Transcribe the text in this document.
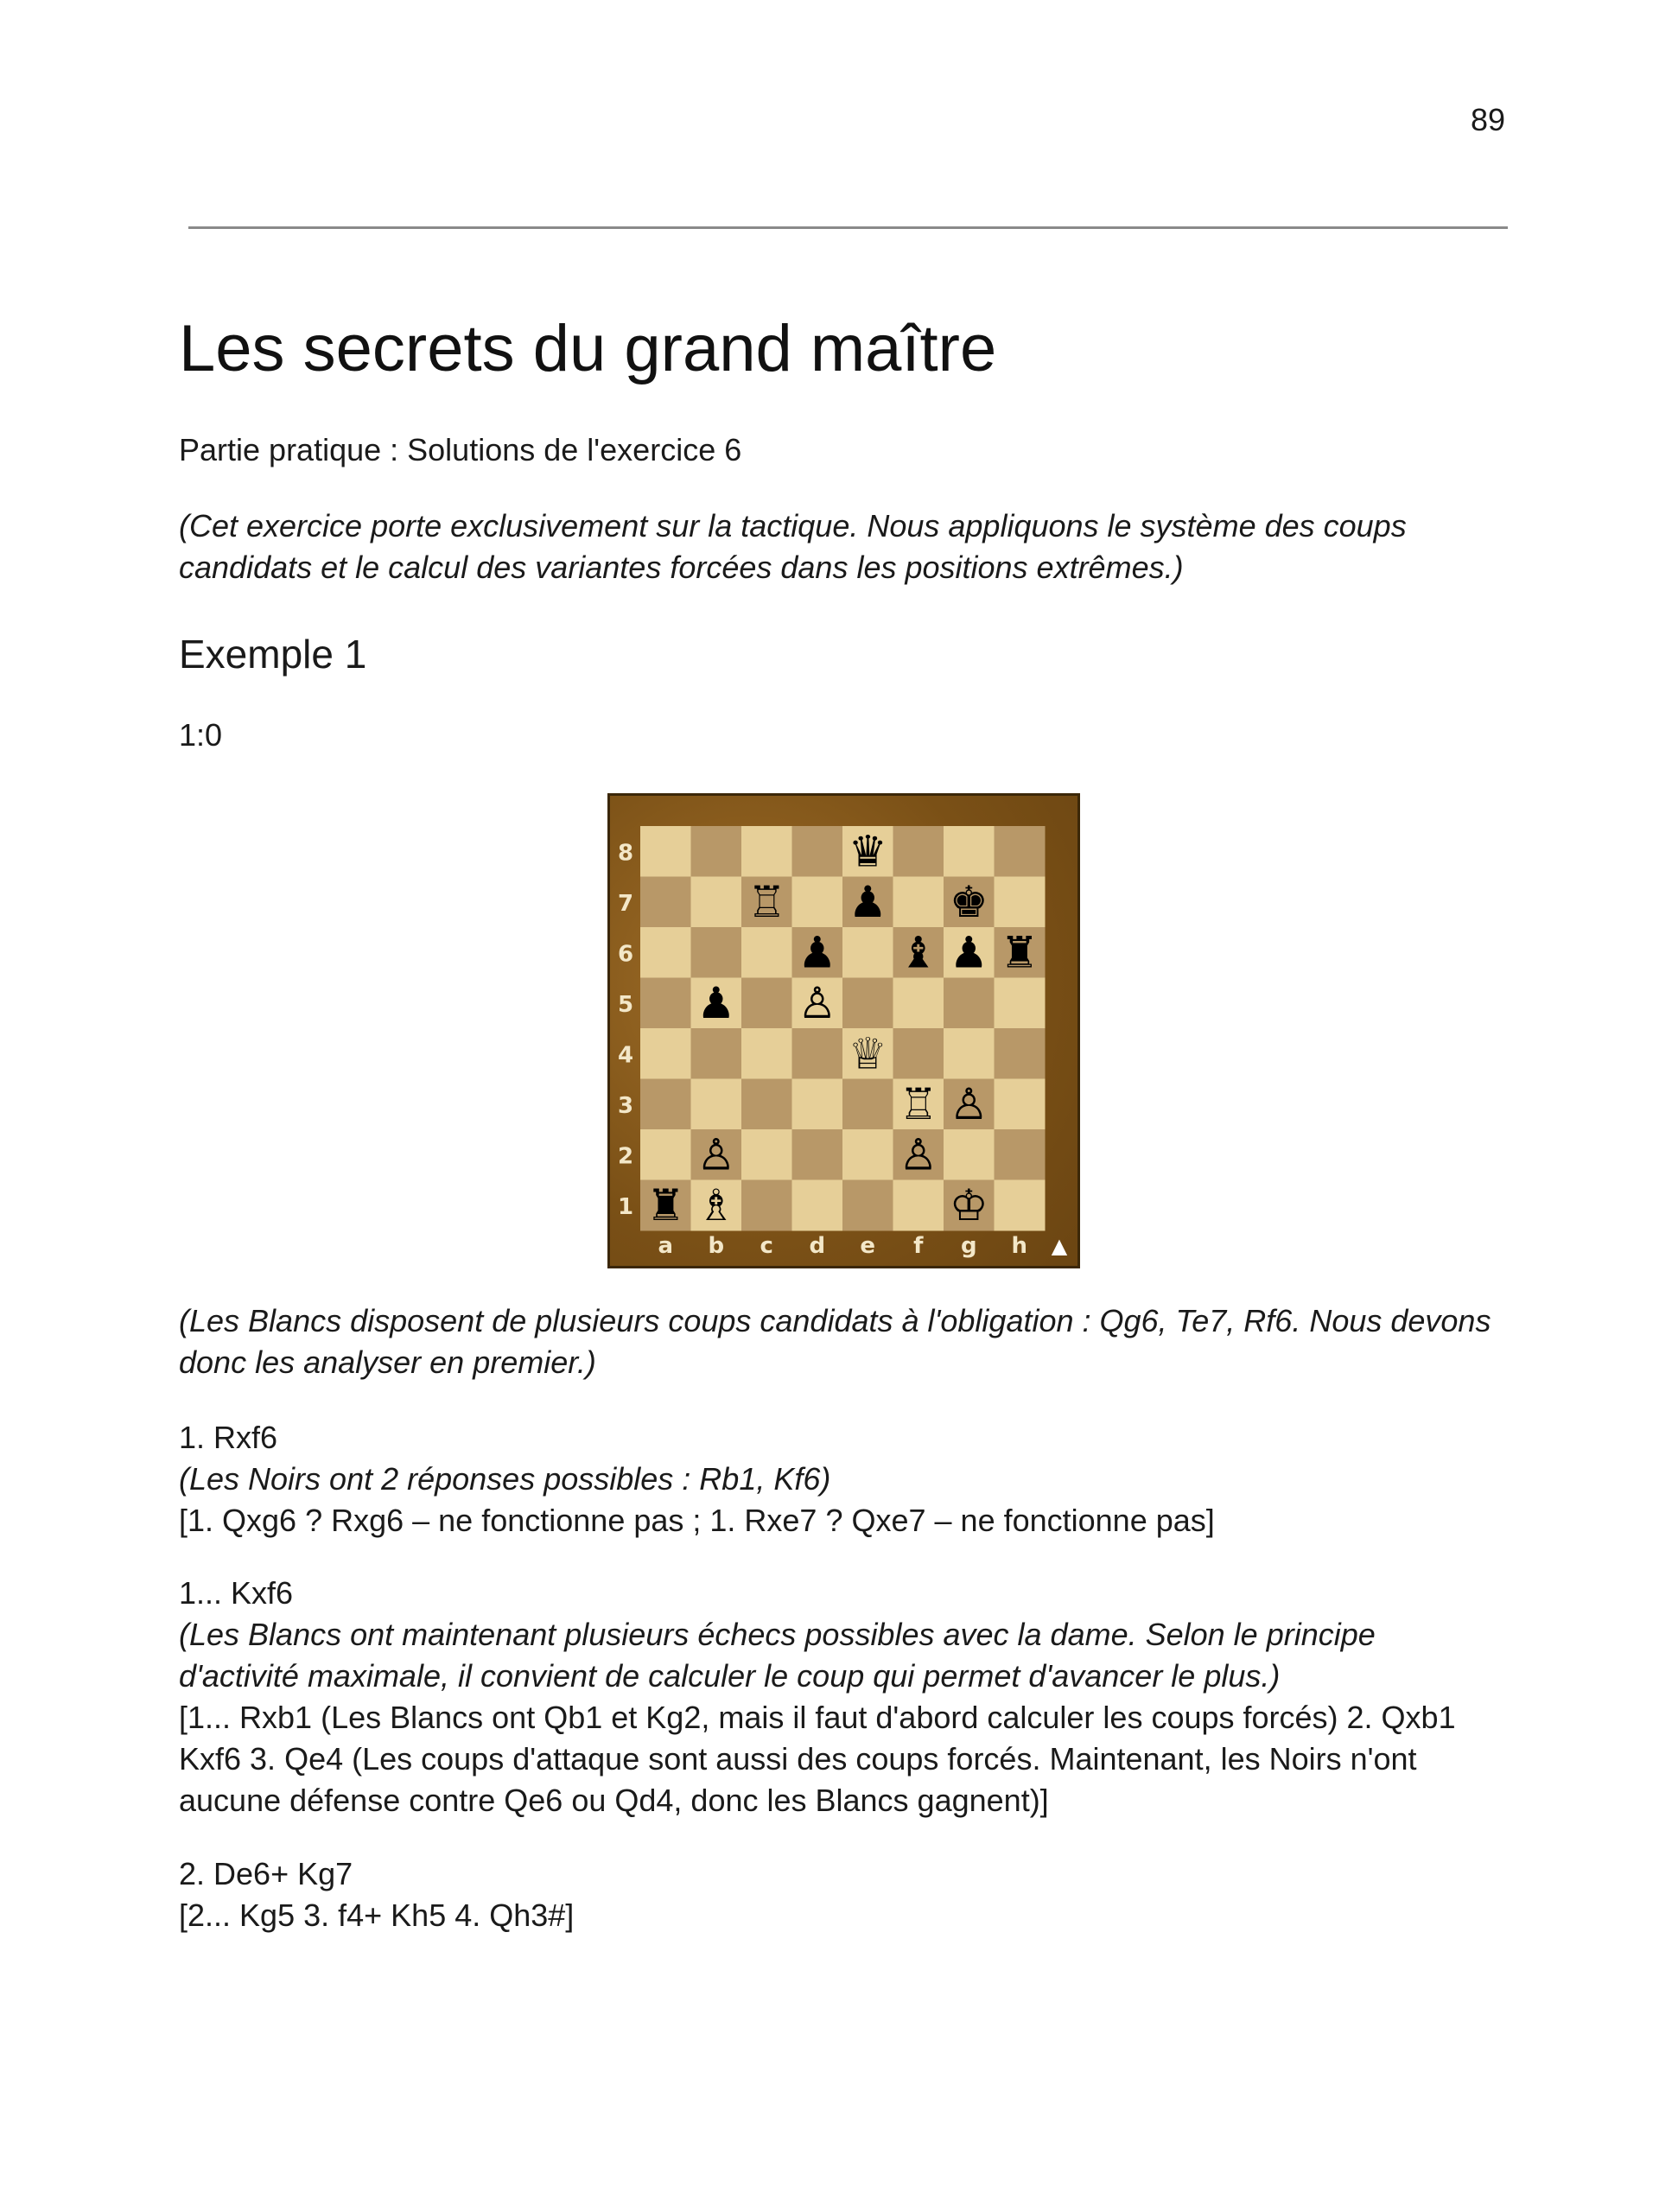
89
Les secrets du grand maître

Partie pratique : Solutions de l'exercice 6

(Cet exercice porte exclusivement sur la tactique. Nous appliquons le système des coups
candidats et le calcul des variantes forcées dans les positions extrêmes.)

Exemple 1

1:0

8
7
6
5
4
3
2
1
a b c d e f g h ▲
♛
♖ ♟ ♚
♟ ♝ ♟ ♜
♟ ♙
♕
♖ ♙
♙	♙
♜ ♗	♔

(Les Blancs disposent de plusieurs coups candidats à l'obligation : Qg6, Te7, Rf6. Nous devons
donc les analyser en premier.)

1. Rxf6
(Les Noirs ont 2 réponses possibles : Rb1, Kf6)
[1. Qxg6 ? Rxg6 – ne fonctionne pas ; 1. Rxe7 ? Qxe7 – ne fonctionne pas]

1... Kxf6
(Les Blancs ont maintenant plusieurs échecs possibles avec la dame. Selon le principe
d'activité maximale, il convient de calculer le coup qui permet d'avancer le plus.)
[1... Rxb1 (Les Blancs ont Qb1 et Kg2, mais il faut d'abord calculer les coups forcés) 2. Qxb1
Kxf6 3. Qe4 (Les coups d'attaque sont aussi des coups forcés. Maintenant, les Noirs n'ont
aucune défense contre Qe6 ou Qd4, donc les Blancs gagnent)]

2. De6+ Kg7
[2... Kg5 3. f4+ Kh5 4. Qh3#]
